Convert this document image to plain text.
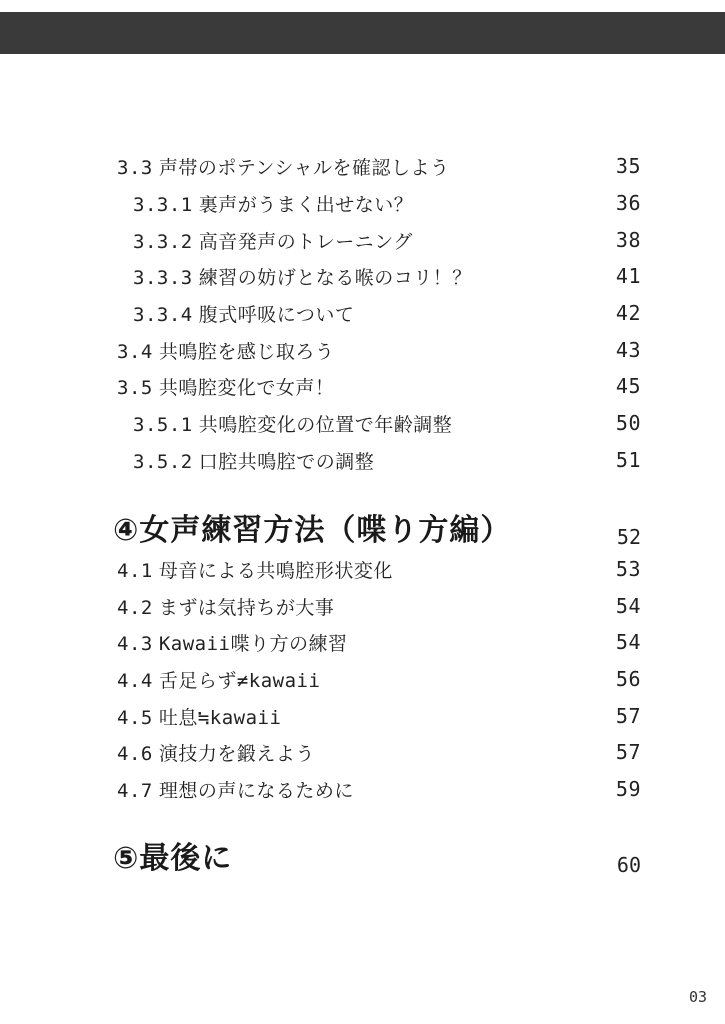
3.3 声帯のポテンシャルを確認しよう	35
3.3.1 裏声がうまく出せない？	36
3.3.2 高音発声のトレーニング	38
3.3.3 練習の妨げとなる喉のコリ！？	41
3.3.4 腹式呼吸について	42
3.4 共鳴腔を感じ取ろう	43
3.5 共鳴腔変化で女声！	45
3.5.1 共鳴腔変化の位置で年齢調整	50
3.5.2 口腔共鳴腔での調整	51
④女声練習方法（喋り方編）	52
4.1 母音による共鳴腔形状変化	53
4.2 まずは気持ちが大事	54
4.3 Kawaii喋り方の練習	54
4.4 舌足らず≠kawaii	56
4.5 吐息≒kawaii	57
4.6 演技力を鍛えよう	57
4.7 理想の声になるために	59
⑤最後に	60
03
